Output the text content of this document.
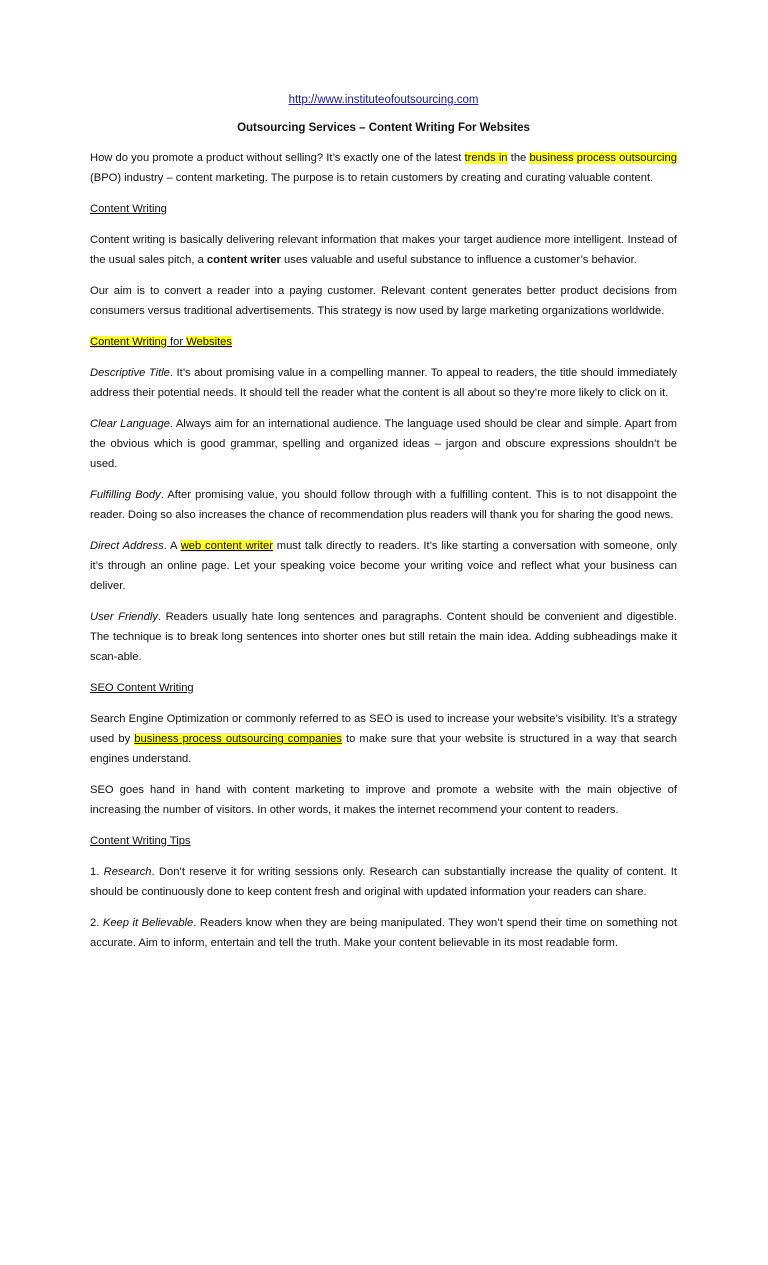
http://www.instituteofoutsourcing.com
Outsourcing Services – Content Writing For Websites

How do you promote a product without selling? It’s exactly one of the latest trends in the business process outsourcing (BPO) industry – content marketing. The purpose is to retain customers by creating and curating valuable content.

Content Writing

Content writing is basically delivering relevant information that makes your target audience more intelligent. Instead of the usual sales pitch, a content writer uses valuable and useful substance to influence a customer’s behavior.

Our aim is to convert a reader into a paying customer. Relevant content generates better product decisions from consumers versus traditional advertisements. This strategy is now used by large marketing organizations worldwide.

Content Writing for Websites

Descriptive Title. It’s about promising value in a compelling manner. To appeal to readers, the title should immediately address their potential needs. It should tell the reader what the content is all about so they’re more likely to click on it.

Clear Language. Always aim for an international audience. The language used should be clear and simple. Apart from the obvious which is good grammar, spelling and organized ideas – jargon and obscure expressions shouldn’t be used.

Fulfilling Body. After promising value, you should follow through with a fulfilling content. This is to not disappoint the reader. Doing so also increases the chance of recommendation plus readers will thank you for sharing the good news.

Direct Address. A web content writer must talk directly to readers. It’s like starting a conversation with someone, only it’s through an online page. Let your speaking voice become your writing voice and reflect what your business can deliver.

User Friendly. Readers usually hate long sentences and paragraphs. Content should be convenient and digestible. The technique is to break long sentences into shorter ones but still retain the main idea. Adding subheadings make it scan-able.

SEO Content Writing

Search Engine Optimization or commonly referred to as SEO is used to increase your website’s visibility. It’s a strategy used by business process outsourcing companies to make sure that your website is structured in a way that search engines understand.

SEO goes hand in hand with content marketing to improve and promote a website with the main objective of increasing the number of visitors. In other words, it makes the internet recommend your content to readers.

Content Writing Tips

1. Research. Don’t reserve it for writing sessions only. Research can substantially increase the quality of content. It should be continuously done to keep content fresh and original with updated information your readers can share.

2. Keep it Believable. Readers know when they are being manipulated. They won’t spend their time on something not accurate. Aim to inform, entertain and tell the truth. Make your content believable in its most readable form.
